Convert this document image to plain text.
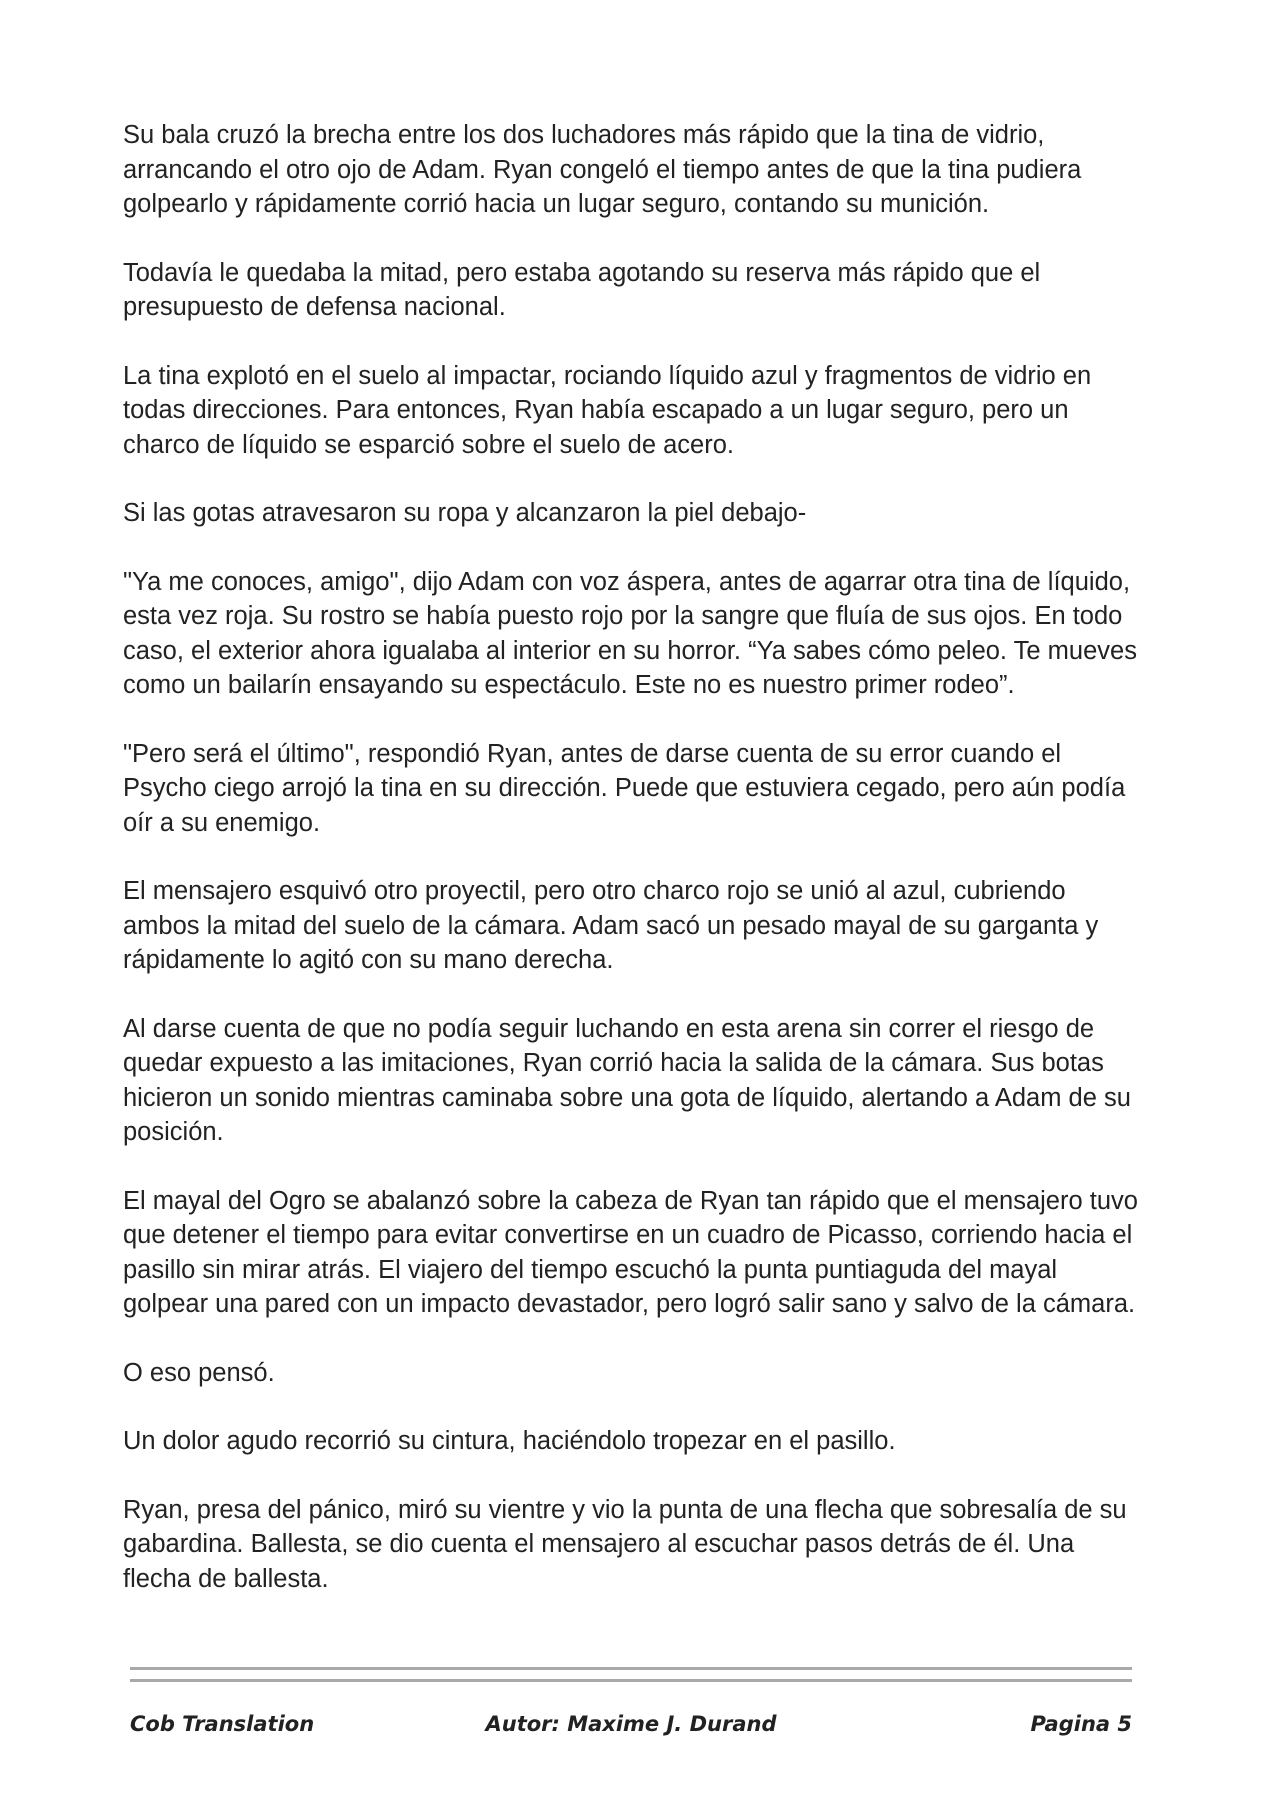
Su bala cruzó la brecha entre los dos luchadores más rápido que la tina de vidrio, arrancando el otro ojo de Adam. Ryan congeló el tiempo antes de que la tina pudiera golpearlo y rápidamente corrió hacia un lugar seguro, contando su munición.

Todavía le quedaba la mitad, pero estaba agotando su reserva más rápido que el presupuesto de defensa nacional.

La tina explotó en el suelo al impactar, rociando líquido azul y fragmentos de vidrio en todas direcciones. Para entonces, Ryan había escapado a un lugar seguro, pero un charco de líquido se esparció sobre el suelo de acero.

Si las gotas atravesaron su ropa y alcanzaron la piel debajo-

"Ya me conoces, amigo", dijo Adam con voz áspera, antes de agarrar otra tina de líquido, esta vez roja. Su rostro se había puesto rojo por la sangre que fluía de sus ojos. En todo caso, el exterior ahora igualaba al interior en su horror. “Ya sabes cómo peleo. Te mueves como un bailarín ensayando su espectáculo. Este no es nuestro primer rodeo”.

"Pero será el último", respondió Ryan, antes de darse cuenta de su error cuando el Psycho ciego arrojó la tina en su dirección. Puede que estuviera cegado, pero aún podía oír a su enemigo.

El mensajero esquivó otro proyectil, pero otro charco rojo se unió al azul, cubriendo ambos la mitad del suelo de la cámara. Adam sacó un pesado mayal de su garganta y rápidamente lo agitó con su mano derecha.

Al darse cuenta de que no podía seguir luchando en esta arena sin correr el riesgo de quedar expuesto a las imitaciones, Ryan corrió hacia la salida de la cámara. Sus botas hicieron un sonido mientras caminaba sobre una gota de líquido, alertando a Adam de su posición.

El mayal del Ogro se abalanzó sobre la cabeza de Ryan tan rápido que el mensajero tuvo que detener el tiempo para evitar convertirse en un cuadro de Picasso, corriendo hacia el pasillo sin mirar atrás. El viajero del tiempo escuchó la punta puntiaguda del mayal golpear una pared con un impacto devastador, pero logró salir sano y salvo de la cámara.

O eso pensó.

Un dolor agudo recorrió su cintura, haciéndolo tropezar en el pasillo.

Ryan, presa del pánico, miró su vientre y vio la punta de una flecha que sobresalía de su gabardina. Ballesta, se dio cuenta el mensajero al escuchar pasos detrás de él. Una flecha de ballesta.

Cob Translation	Autor: Maxime J. Durand	Pagina 5
